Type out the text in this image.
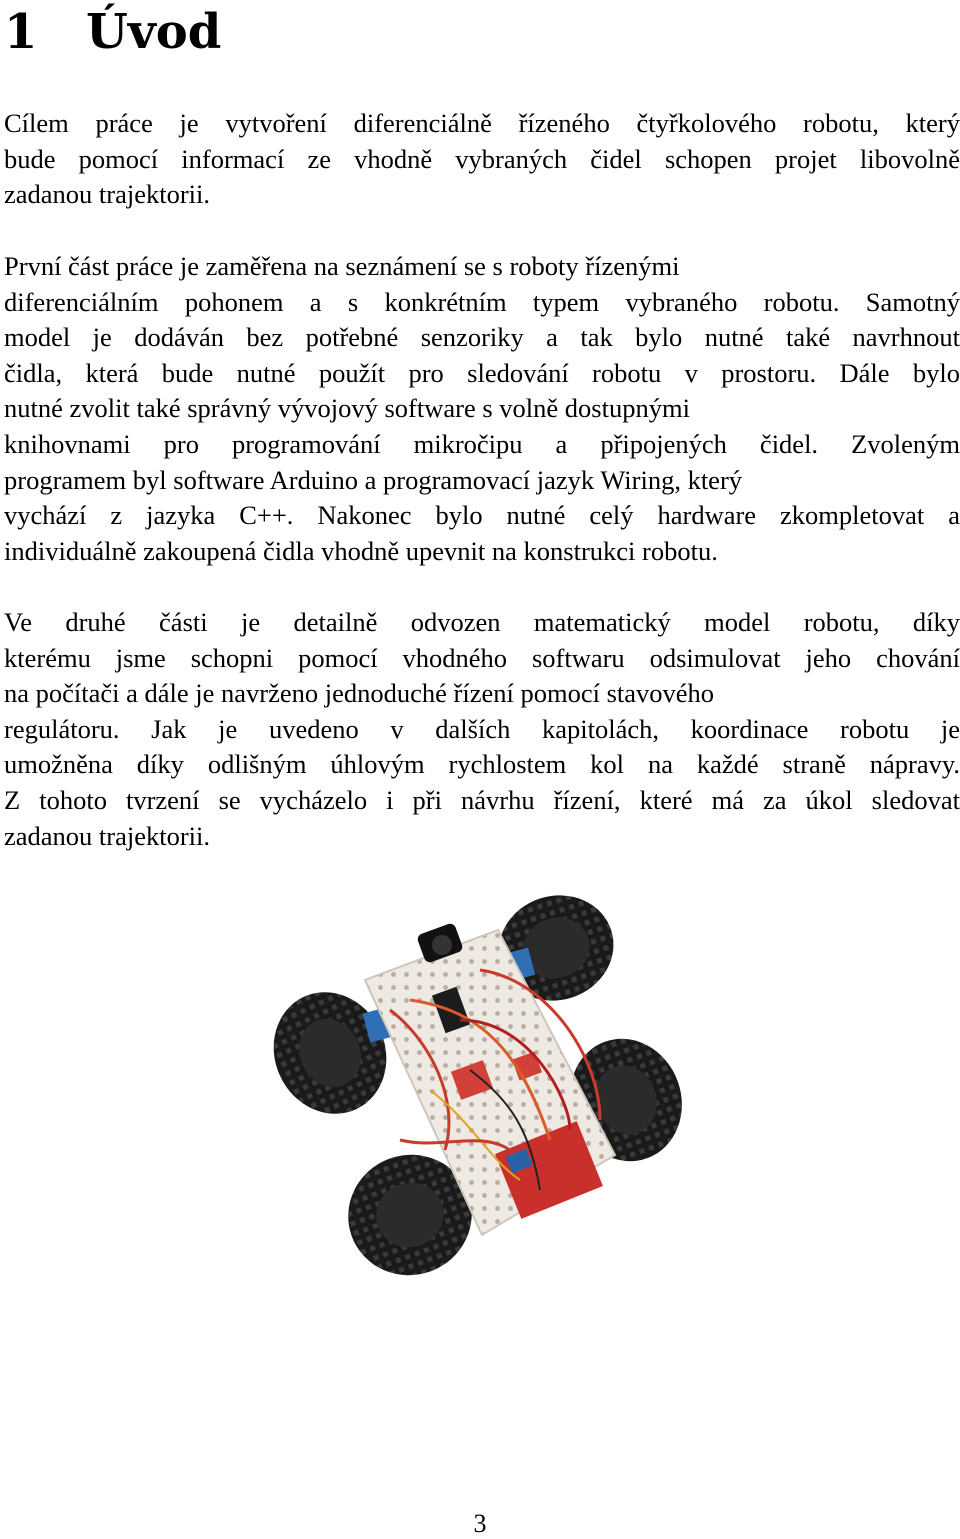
1 Úvod
Cílem práce je vytvoření diferenciálně řízeného čtyřkolového robotu, který
bude pomocí informací ze vhodně vybraných čidel schopen projet libovolně
zadanou trajektorii.
První část práce je zaměřena na seznámení se s roboty řízenými
diferenciálním pohonem a s konkrétním typem vybraného robotu. Samotný
model je dodáván bez potřebné senzoriky a tak bylo nutné také navrhnout
čidla, která bude nutné použít pro sledování robotu v prostoru. Dále bylo
nutné zvolit také správný vývojový software s volně dostupnými
knihovnami pro programování mikročipu a připojených čidel. Zvoleným
programem byl software Arduino a programovací jazyk Wiring, který
vychází z jazyka C++. Nakonec bylo nutné celý hardware zkompletovat a
individuálně zakoupená čidla vhodně upevnit na konstrukci robotu.
Ve druhé části je detailně odvozen matematický model robotu, díky
kterému jsme schopni pomocí vhodného softwaru odsimulovat jeho chování
na počítači a dále je navrženo jednoduché řízení pomocí stavového
regulátoru. Jak je uvedeno v dalších kapitolách, koordinace robotu je
umožněna díky odlišným úhlovým rychlostem kol na každé straně nápravy.
Z tohoto tvrzení se vycházelo i při návrhu řízení, které má za úkol sledovat
zadanou trajektorii.
3
